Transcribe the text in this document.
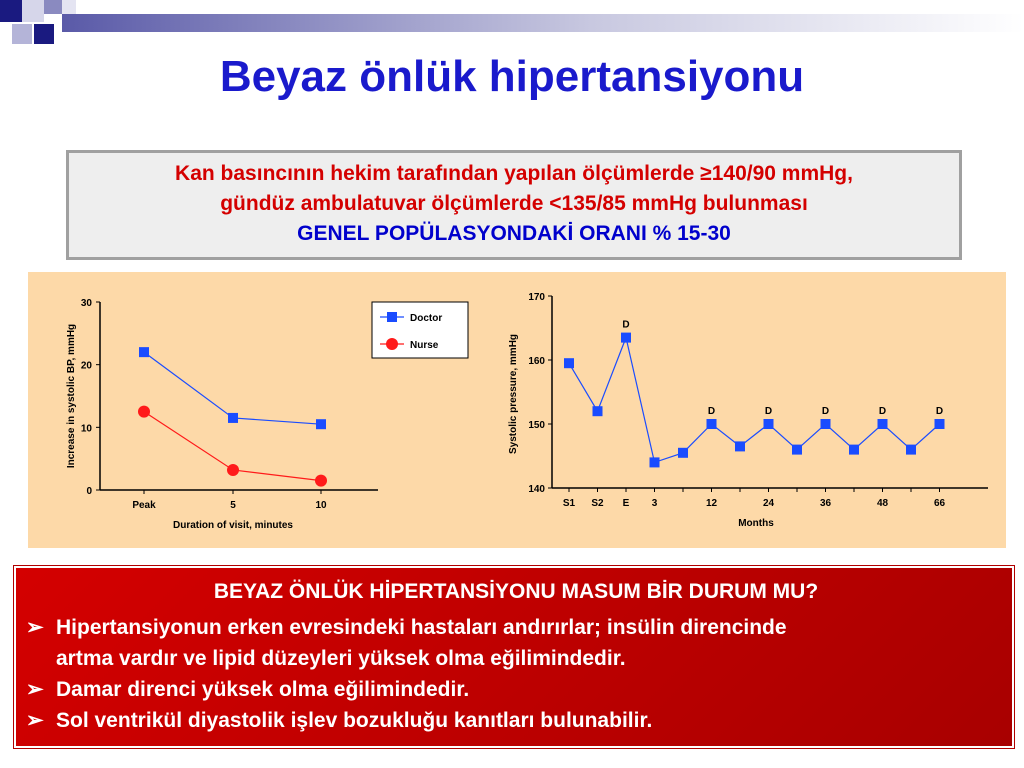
Beyaz önlük hipertansiyonu
Kan basıncının hekim tarafından yapılan ölçümlerde ≥140/90 mmHg,
gündüz ambulatuvar ölçümlerde <135/85 mmHg bulunması
GENEL POPÜLASYONDAKİ ORANI % 15-30
0
10
20
30
Peak	5	10
Duration of visit, minutes
Increase in systolic BP, mmHg
Doctor
Nurse
140
150
160
170
S1 S2 E 3	12	24	36	48	66
Months
Systolic pressure, mmHg
D
D	D	D	D	D
BEYAZ ÖNLÜK HİPERTANSİYONU MASUM BİR DURUM MU?
➢ Hipertansiyonun erken evresindeki hastaları andırırlar; insülin direncinde
artma vardır ve lipid düzeyleri yüksek olma eğilimindedir.
➢ Damar direnci yüksek olma eğilimindedir.
➢ Sol ventrikül diyastolik işlev bozukluğu kanıtları bulunabilir.
